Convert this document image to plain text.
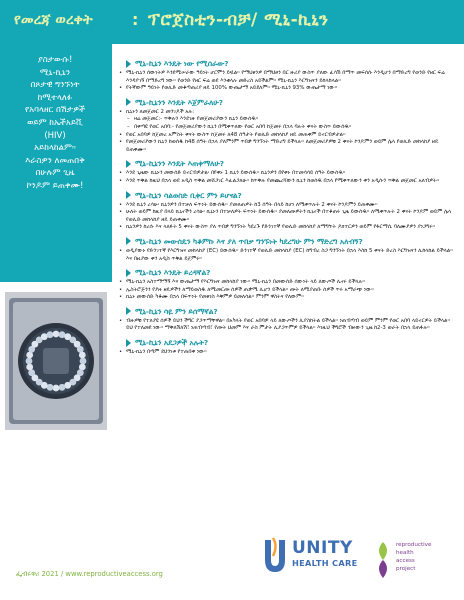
የመረጃ ወረቀት : ፕሮጀስቲን-ብቻ/ ሚኒ-ኪኒን
ያስታውሱ!
ሚኒ-ኪኒን
በጾታዊ ግንኙነት
ከሚተላለፉ
የአባላዘር በሽታዎች
ወይም ከኤችአይቪ
(HIV)
አይከላከልም።
እራስዎን ለመጠበቅ
በሁሉም ጊዜ
ኮንዶም ይጠቀሙ!
ሚኒ-ኪኒን እንዴት ነው የሚሰራው?
• ሚኒ-ኪኒን ሰውነትዎ እንደሚሠራው ዓይነት ሆርሞን ይዟል። የማህፀንዎ በማህፀን በር ዙሪያ ውስጥ ያለው ፈሳሽ በማጥ መፍሰሱ እንዲሆን በማድረግ የወንድ የዘር ፍሬ እንዳያገኝ በማድረግ ነው። የወንድ የዘር ፍሬ ወደ እንቁላሉ መድረስ አይችልም። ሚኒ-ኪኒን እርግዝናን ይከላከላል።
• የትኛውም ዓይነት የወሊድ መቆጣጠሪያ ዘዴ 100% ውጤታማ አይደለም። ሚኒ-ኪኒን 93% ውጤታማ ነው።
ሚኒ-ኪኒንን እንዴት እጀምራለሁ?
• ኪኒኑን ለመጀመር 2 መንገዶች አሉ:
– ዛሬ መጀመር:- ጥቅሉን እንደገዙ የመጀመሪያውን ኪኒን ይውሰዱ።
– በቀጣዩ የወር አበባ:- የመጀመሪያውን ኪኒን በሚቀጥለው የወር አበባ ከጀመሩ በኋላ ባሉት ቀናት ውስጥ ይውሰዱ።
• የወር አበባዎ ከጀመረ አምስት ቀናት ውስጥ ከጀመሩ ለ48 ሰዓታት የወሊድ መከላከያ ዘዴ መጠቀም ይኖርብዎታል።
• የመጀመሪያውን ኪኒን ከወሰዱ ከ48 ሰዓት በኋላ ያለምንም ጥበቃ ግንኙነት ማድረግ ይችላሉ። ለመጀመሪያዎቹ 2 ቀናት ኮንዶምን ወይም ሌላ የወሊድ መከላከያ ዘዴ ይጠቀሙ።
ሚኒ-ኪኒንን እንዴት እጠቀማለሁ?
• እንደ ጊዜው ኪኒኑን መውሰድ ይኖርብዎታል፡ በየቀኑ 1 ኪኒን ይውሰዱ። ኪኒንዎን በየቀኑ በተመሳሳይ ሰዓት ይውሰዱ።
• እንደ ጥቅል ከዚህ በኋላ ወደ አዲስ ጥቅል መሸጋገር እፈልጋለሁ። ከጥቅሉ የመጨረሻውን ኪኒን ከወሰዱ በኋላ የሚቀጥለውን ቀን አዲሱን ጥቅል መጀመር አለብዎት።
ሚኒ-ኪኒን ሳልወስድ ቢቀር ምን ይሆናል?
• እንደ ኪኒን ረሳሁ፡ ኪኒንዎን በተቻለ ፍጥነት ይውሰዱ። ያመለጠዎት ከ3 ሰዓት በላይ ከሆነ ለሚቀጥሉት 2 ቀናት ኮንዶምን ይጠቀሙ።
• ሁለት ወይም ከዚያ በላይ ኪኒኖችን ረሳሁ፡ ኪኒኑን በተቻለዎት ፍጥነት ይውሰዱ። ያመለጡዎትን ኪኒኖች በተቆጠሩ ጊዜ ይውሰዱ። ለሚቀጥሉት 2 ቀናት ኮንዶም ወይም ሌላ የወሊድ መከላከያ ዘዴ ይጠቀሙ።
• ኪኒንዎን ከረሱ እና ላለፉት 5 ቀናት ውስጥ ያለ ጥበቃ ግንኙነት ካደረጉ የድንገተኛ የወሊድ መከላከያ ለማግኘት ዶክተርዎን ወይም የፋርማሲ ባለሙያዎን ያነጋግሩ።
ሚኒ-ኪኒን መውሰዴን ካቆምኩ እና ያለ ጥበቃ ግንኙነት ካደረግሁ ምን ማድረግ አለብኝ?
• ወዲያውኑ የድንገተኛ የእርግዝና መከላከያ (EC) ይውሰዱ። ድንገተኛ የወሊድ መከላከያ (EC) ከግብረ ስጋ ግንኙነት በኋላ እስከ 5 ቀናት ድረስ እርግዝናን ሊከላከል ይችላል። እና በዚያው ቀን አዲስ ጥቅል ይጀምሩ።
ሚኒ-ኪኒን እንዴት ይረዳኛል?
• ሚኒ-ኪኒን አስተማማኝ እና ውጤታማ የእርግዝና መከላከያ ነው። ሚኒ-ኪኒን በመውሰድ ሰውነት ላይ ለውጦች ሊኖሩ ይችላሉ።
• ኢስትሮጅንን የያዙ ዘዴዎችን ለማይወስዱ ለሚመርጡ ሰዎች ጠቃሚ ሊሆን ይችላል። ጡት ለሚያጠቡ ሰዎች ጥሩ አማራጭ ነው።
• ኪኒኑ መውሰድ ካቆሙ በኋላ በፍጥነት የመፀነስ እቅምዎ ይመለሳል። ምንም ዋስትና የለውም።
ሚኒ-ኪኒን ሳዬ ምን ይሰማኛል?
• ብዙዎቹ የተለያዩ ሰዎች ይህን ችግር ያጋጥማቸዋል። በአካላት የወር አበባዎ ላይ ለውጦችን ሊያስከትል ይችላል። ነጠብጣብ ወይም ምንም የወር አበባ ላይኖርዎት ይችላል። ይህ የተለመደ ነው። ማቅለሽለሽ፣ ነጠብጣብ፣ የጡት ህመም እና ራስ ምታት ሊያጋጥምዎ ይችላል። እነዚህ ችግሮች ብዙውን ጊዜ ከ2-3 ወራት በኋላ ይጠፋሉ።
ሚኒ-ኪኒን አደጋዎች አሉት?
• ሚኒ-ኪኒን በጣም ደህንነቱ የተጠበቀ ነው።
ፌብሩዋሪ 2021 / www.reproductiveaccess.org
UNITY
HEALTH CARE
reproductive
health
access
project
